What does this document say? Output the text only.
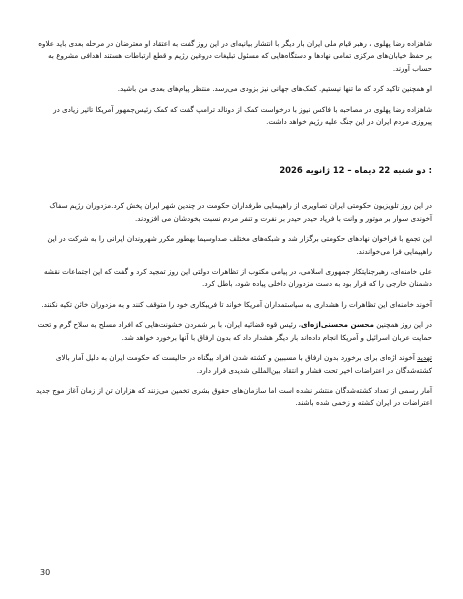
شاهزاده رضا پهلوی ، رهبر قیام ملی ایران بار دیگر با انتشار بیانیه‌ای در این روز گفت به اعتقاد او معترضان در مرحله بعدی باید علاوه بر حفظ خیابان‌های مرکزی تمامی نهادها و دستگاه‌هایی که مسئول تبلیغات دروغین رژیم و قطع ارتباطات هستند اهدافی مشروع به حساب آورند.

او همچنین تاکید کرد که ما تنها نیستیم. کمک‌های جهانی نیز بزودی می‌رسد. منتظر پیام‌های بعدی من باشید.

شاهزاده رضا پهلوی در مصاحبه با فاکس نیوز با درخواست کمک از دونالد ترامپ گفت که کمک رئیس‌جمهور آمریکا تاثیر زیادی در پیروزی مردم ایران در این جنگ علیه رژیم خواهد داشت.

: دو شنبه 22 دیماه – 12 ژانویه 2026

در این روز تلویزیون حکومتی ایران تصاویری از راهپیمایی طرفداران حکومت در چندین شهر ایران پخش کرد.مزدوران رژیم سفاک آخوندی سوار بر موتور و وانت با فریاد حیدر حیدر بر نفرت و تنفر مردم نسبت بخودشان می افزودند.

این تجمع با فراخوان نهادهای حکومتی برگزار شد و شبکه‌های مختلف صداوسیما بهطور مکرر شهروندان ایرانی را به شرکت در این راهپیمایی فرا می‌خواندند.

علی خامنه‌ای، رهبرجنایتکار جمهوری اسلامی، در پیامی مکتوب از تظاهرات دولتی این روز تمجید کرد و گفت که این اجتماعات نقشه دشمنان خارجی را که قرار بود به دست مزدوران داخلی پیاده شود، باطل کرد.

آخوند خامنه‌ای این تظاهرات را هشداری به سیاستمداران آمریکا خواند تا فریبکاری خود را متوقف کنند و به مزدوران خائن تکیه نکنند.

در این روز همچنین محسن محسنی‌اژه‌ای، رئیس قوه قضائیه ایران، با بر شمردن خشونت‌هایی که افراد مسلح به سلاح گرم و تحت حمایت عربان اسرائیل و آمریکا انجام داده‌اند بار دیگر هشدار داد که بدون ارفاق با آنها برخورد خواهد شد.

تهدید آخوند اژه‌ای برای برخورد بدون ارفاق با مسببین و کشته شدن افراد بیگناه در حالیست که حکومت ایران به دلیل آمار بالای کشته‌شدگان در اعتراضات اخیر تحت فشار و انتقاد بین‌المللی شدیدی قرار دارد.

آمار رسمی از تعداد کشته‌شدگان منتشر نشده است اما سازمان‌های حقوق بشری تخمین می‌زنند که هزاران تن از زمان آغاز موج جدید اعتراضات در ایران کشته و زخمی شده باشند.

30
